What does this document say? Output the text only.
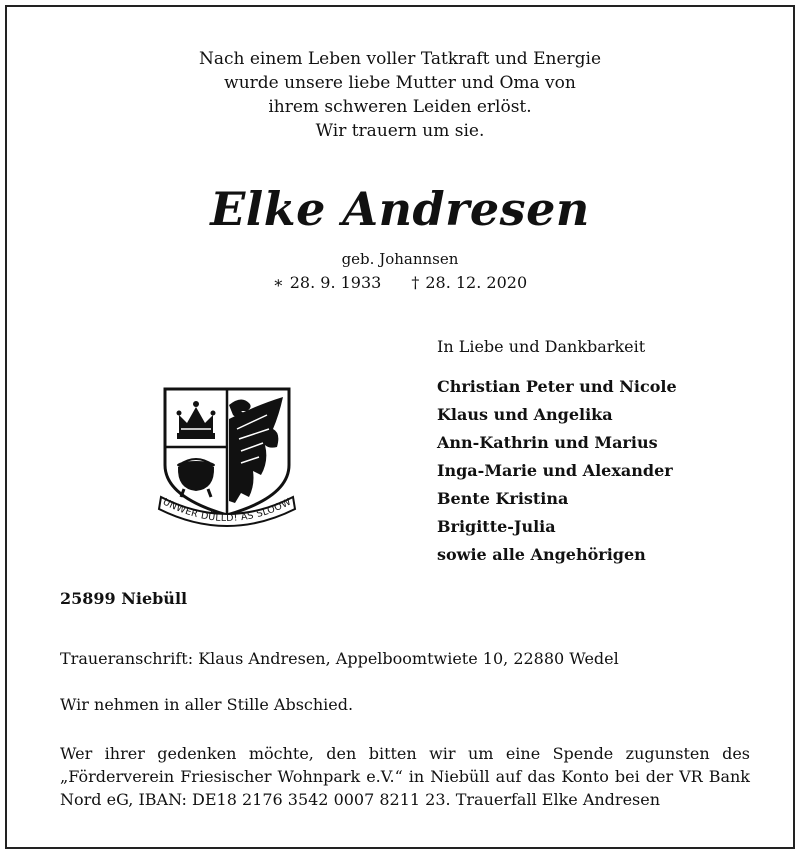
Nach einem Leben voller Tatkraft und Energie
wurde unsere liebe Mutter und Oma von
ihrem schweren Leiden erlöst.
Wir trauern um sie.
Elke Andresen
geb. Johannsen
∗ 28. 9. 1933 † 28. 12. 2020
In Liebe und Dankbarkeit
Christian Peter und Nicole
Klaus und Angelika
Ann-Kathrin und Marius
Inga-Marie und Alexander
Bente Kristina
Brigitte-Julia
sowie alle Angehörigen
UNWER DÜLLD! AS SLOOW
25899 Niebüll
Traueranschrift: Klaus Andresen, Appelboomtwiete 10, 22880 Wedel
Wir nehmen in aller Stille Abschied.
Wer ihrer gedenken möchte, den bitten wir um eine Spende zugunsten des
„Förderverein Friesischer Wohnpark e.V.“ in Niebüll auf das Konto bei der VR Bank
Nord eG, IBAN: DE18 2176 3542 0007 8211 23. Trauerfall Elke Andresen
